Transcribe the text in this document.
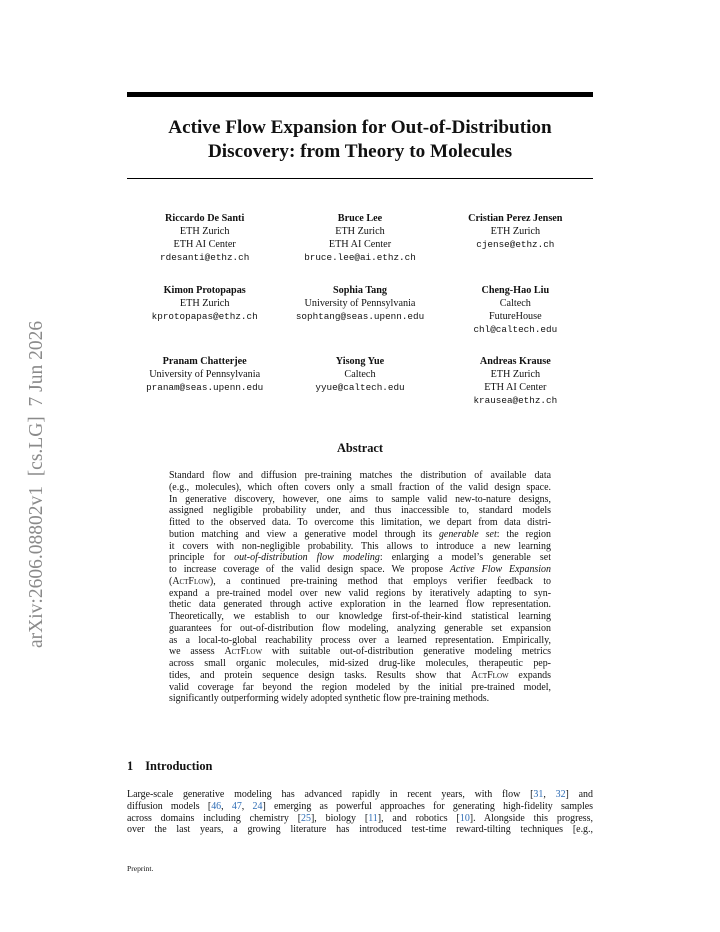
arXiv:2606.08802v1  [cs.LG]  7 Jun 2026
Active Flow Expansion for Out-of-Distribution
Discovery: from Theory to Molecules
Riccardo De Santi
ETH Zurich
ETH AI Center
rdesanti@ethz.ch
Bruce Lee
ETH Zurich
ETH AI Center
bruce.lee@ai.ethz.ch
Cristian Perez Jensen
ETH Zurich
cjense@ethz.ch
Kimon Protopapas
ETH Zurich
kprotopapas@ethz.ch
Sophia Tang
University of Pennsylvania
sophtang@seas.upenn.edu
Cheng-Hao Liu
Caltech
FutureHouse
chl@caltech.edu
Pranam Chatterjee
University of Pennsylvania
pranam@seas.upenn.edu
Yisong Yue
Caltech
yyue@caltech.edu
Andreas Krause
ETH Zurich
ETH AI Center
krausea@ethz.ch
Abstract
Standard flow and diffusion pre-training matches the distribution of available data
(e.g., molecules), which often covers only a small fraction of the valid design space.
In generative discovery, however, one aims to sample valid new-to-nature designs,
assigned negligible probability under, and thus inaccessible to, standard models
fitted to the observed data. To overcome this limitation, we depart from data distri-
bution matching and view a generative model through its generable set: the region
it covers with non-negligible probability. This allows to introduce a new learning
principle for out-of-distribution flow modeling: enlarging a model’s generable set
to increase coverage of the valid design space. We propose Active Flow Expansion
(ActFlow), a continued pre-training method that employs verifier feedback to
expand a pre-trained model over new valid regions by iteratively adapting to syn-
thetic data generated through active exploration in the learned flow representation.
Theoretically, we establish to our knowledge first-of-their-kind statistical learning
guarantees for out-of-distribution flow modeling, analyzing generable set expansion
as a local-to-global reachability process over a learned representation. Empirically,
we assess ActFlow with suitable out-of-distribution generative modeling metrics
across small organic molecules, mid-sized drug-like molecules, therapeutic pep-
tides, and protein sequence design tasks. Results show that ActFlow expands
valid coverage far beyond the region modeled by the initial pre-trained model,
significantly outperforming widely adopted synthetic flow pre-training methods.
1 Introduction
Large-scale generative modeling has advanced rapidly in recent years, with flow [31, 32] and
diffusion models [46, 47, 24] emerging as powerful approaches for generating high-fidelity samples
across domains including chemistry [25], biology [11], and robotics [10]. Alongside this progress,
over the last years, a growing literature has introduced test-time reward-tilting techniques [e.g.,
Preprint.
